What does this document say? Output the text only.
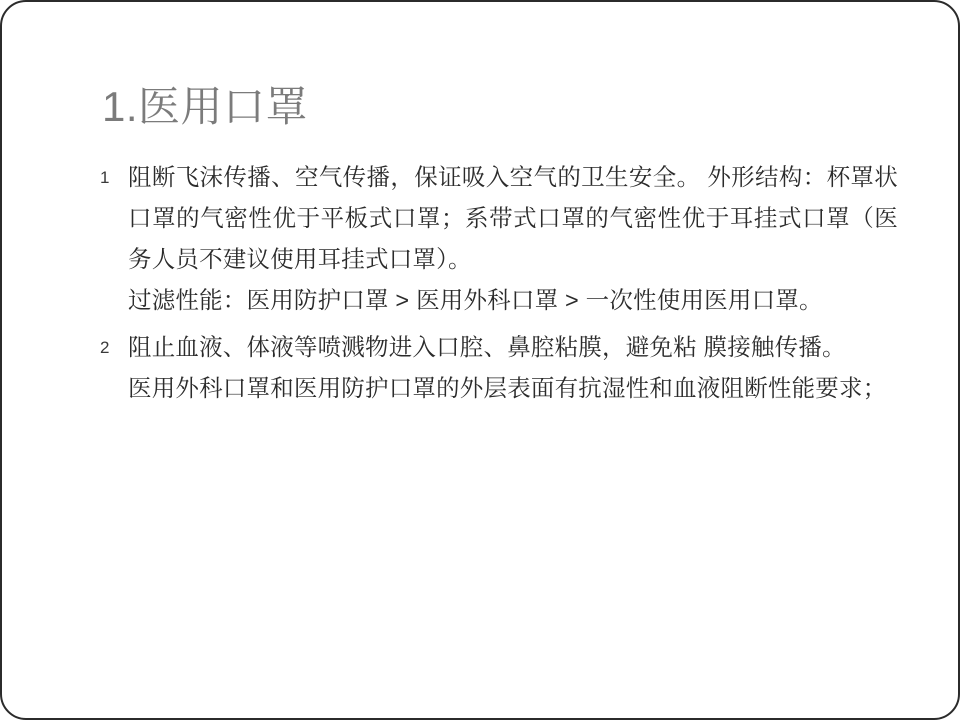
1.医用口罩
1 阻断飞沫传播、空气传播，保证吸入空气的卫生安全。 外形结构：杯罩状口罩的气密性优于平板式口罩；系带式口罩的气密性优于耳挂式口罩（医务人员不建议使用耳挂式口罩）。
过滤性能：医用防护口罩 > 医用外科口罩 > 一次性使用医用口罩。
2 阻止血液、体液等喷溅物进入口腔、鼻腔粘膜，避免粘 膜接触传播。
医用外科口罩和医用防护口罩的外层表面有抗湿性和血液阻断性能要求；
